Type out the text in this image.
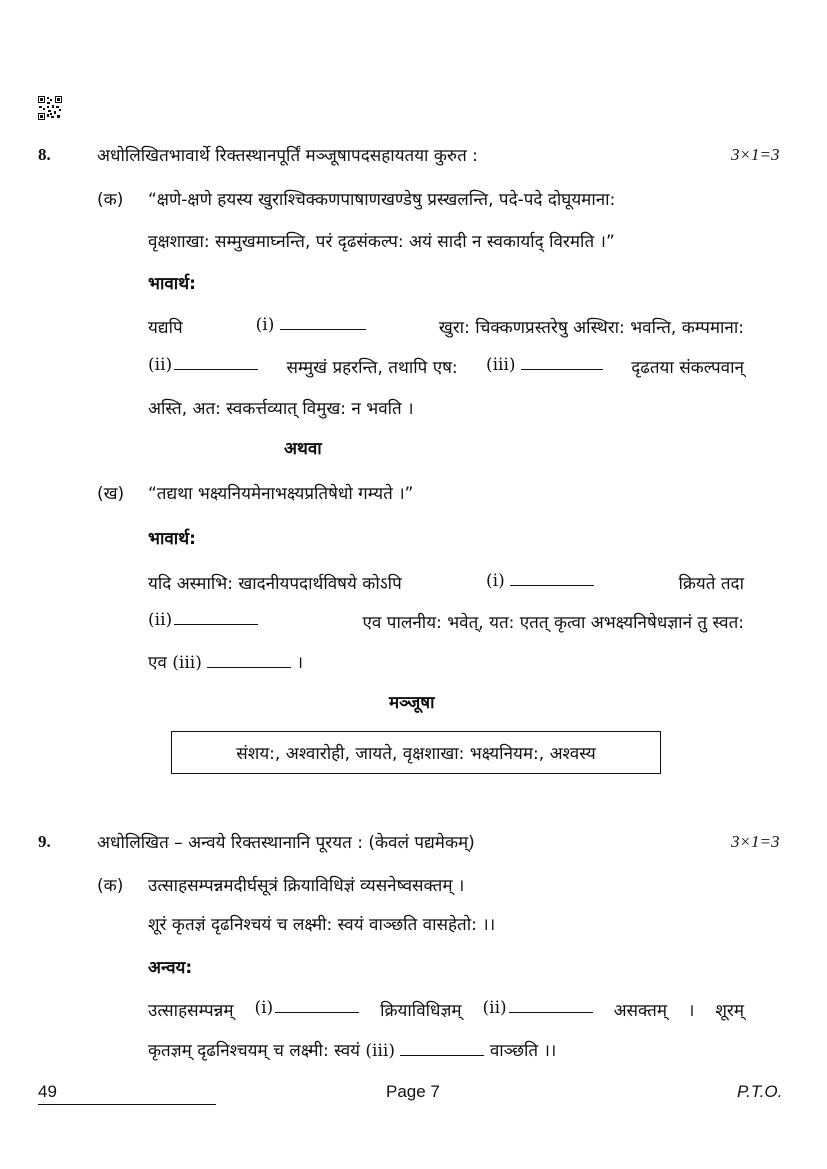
8.	अधोलिखितभावार्थे रिक्तस्थानपूर्तिं मञ्जूषापदसहायतया कुरुत :	3×1=3
(क) “क्षणे-क्षणे हयस्य खुराश्चिक्कणपाषाणखण्डेषु प्रस्खलन्ति, पदे-पदे दोघूयमाना:
वृक्षशाखा: सम्मुखमाघ्नन्ति, परं दृढसंकल्प: अयं सादी न स्वकार्याद् विरमति ।”
भावार्थ:
यद्यपि	(i)	खुरा: चिक्कणप्रस्तरेषु अस्थिरा: भवन्ति, कम्पमाना:
(ii)	सम्मुखं प्रहरन्ति, तथापि एष: (iii)	दृढतया संकल्पवान्
अस्ति, अत: स्वकर्त्तव्यात् विमुख: न भवति ।
अथवा
(ख) “तद्यथा भक्ष्यनियमेनाभक्ष्यप्रतिषेधो गम्यते ।”
भावार्थ:
यदि अस्माभि: खादनीयपदार्थविषये कोऽपि	(i)	क्रियते तदा
(ii)	एव पालनीय: भवेत्, यत: एतत् कृत्वा अभक्ष्यनिषेधज्ञानं तु स्वत:
एव (iii)	।
मञ्जूषा
संशय:, अश्वारोही, जायते, वृक्षशाखा: भक्ष्यनियम:, अश्वस्य
9.	अधोलिखित – अन्वये रिक्तस्थानानि पूरयत : (केवलं पद्यमेकम्)	3×1=3
(क) उत्साहसम्पन्नमदीर्घसूत्रं क्रियाविधिज्ञं व्यसनेष्वसक्तम् ।
शूरं कृतज्ञं दृढनिश्चयं च लक्ष्मी: स्वयं वाञ्छति वासहेतो: ।।
अन्वय:
उत्साहसम्पन्नम् (i)	क्रियाविधिज्ञम् (ii)	असक्तम् । शूरम्
कृतज्ञम् दृढनिश्चयम् च लक्ष्मी: स्वयं (iii)	वाञ्छति ।।
49	Page 7	P.T.O.
